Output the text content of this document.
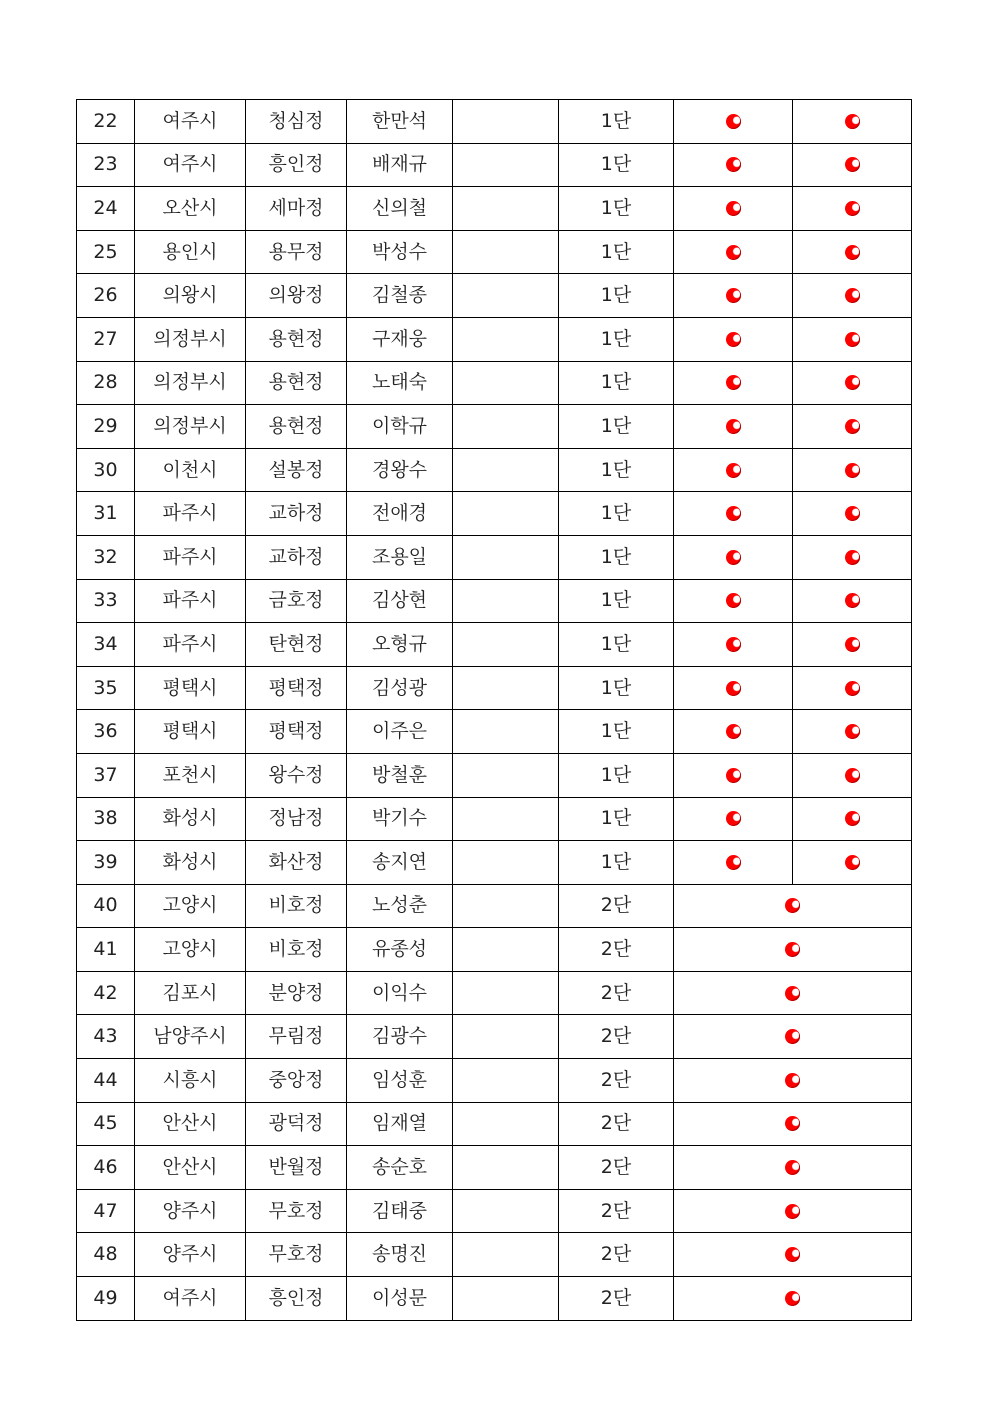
22	여주시	청심정	한만석		1단		
23	여주시	흥인정	배재규		1단		
24	오산시	세마정	신의철		1단		
25	용인시	용무정	박성수		1단		
26	의왕시	의왕정	김철종		1단		
27	의정부시	용현정	구재웅		1단		
28	의정부시	용현정	노태숙		1단		
29	의정부시	용현정	이학규		1단		
30	이천시	설봉정	경왕수		1단		
31	파주시	교하정	전애경		1단		
32	파주시	교하정	조용일		1단		
33	파주시	금호정	김상현		1단		
34	파주시	탄현정	오형규		1단		
35	평택시	평택정	김성광		1단		
36	평택시	평택정	이주은		1단		
37	포천시	왕수정	방철훈		1단		
38	화성시	정남정	박기수		1단		
39	화성시	화산정	송지연		1단		
40	고양시	비호정	노성춘		2단		
41	고양시	비호정	유종성		2단		
42	김포시	분양정	이익수		2단		
43	남양주시	무림정	김광수		2단		
44	시흥시	중앙정	임성훈		2단		
45	안산시	광덕정	임재열		2단		
46	안산시	반월정	송순호		2단		
47	양주시	무호정	김태중		2단		
48	양주시	무호정	송명진		2단		
49	여주시	흥인정	이성문		2단		
